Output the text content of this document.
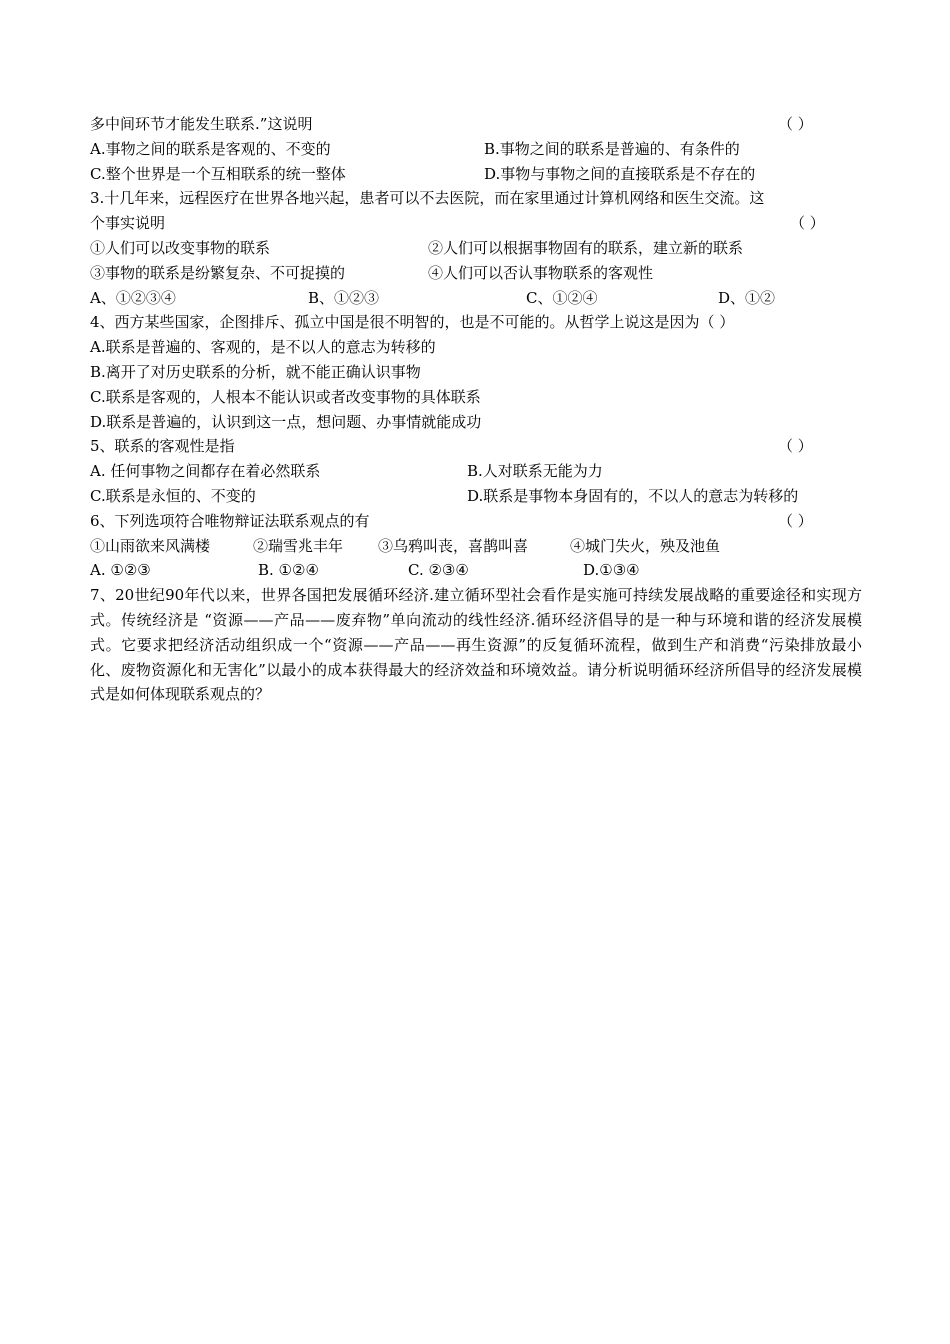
多中间环节才能发生联系.”这说明	（ ）
A.事物之间的联系是客观的、不变的	B.事物之间的联系是普遍的、有条件的
C.整个世界是一个互相联系的统一整体	D.事物与事物之间的直接联系是不存在的
3.十几年来，远程医疗在世界各地兴起，患者可以不去医院，而在家里通过计算机网络和医生交流。这
个事实说明	（ ）
①人们可以改变事物的联系	②人们可以根据事物固有的联系，建立新的联系
③事物的联系是纷繁复杂、不可捉摸的	④人们可以否认事物联系的客观性
A、①②③④	B、①②③	C、①②④	D、①②
4、西方某些国家，企图排斥、孤立中国是很不明智的，也是不可能的。从哲学上说这是因为（ ）
A.联系是普遍的、客观的，是不以人的意志为转移的
B.离开了对历史联系的分析，就不能正确认识事物
C.联系是客观的，人根本不能认识或者改变事物的具体联系
D.联系是普遍的，认识到这一点，想问题、办事情就能成功
5、联系的客观性是指	（ ）
A. 任何事物之间都存在着必然联系	B.人对联系无能为力
C.联系是永恒的、不变的	D.联系是事物本身固有的，不以人的意志为转移的
6、下列选项符合唯物辩证法联系观点的有	（ ）
①山雨欲来风满楼	②瑞雪兆丰年 ③乌鸦叫丧，喜鹊叫喜	④城门失火，殃及池鱼
A. ①②③	B. ①②④	C. ②③④	D.①③④
7、20世纪90年代以来，世界各国把发展循环经济.建立循环型社会看作是实施可持续发展战略的重要途径和实现方式。传统经济是 “资源——产品——废弃物”单向流动的线性经济.循环经济倡导的是一种与环境和谐的经济发展模式。它要求把经济活动组织成一个“资源——产品——再生资源”的反复循环流程，做到生产和消费“污染排放最小化、废物资源化和无害化”以最小的成本获得最大的经济效益和环境效益。请分析说明循环经济所倡导的经济发展模式是如何体现联系观点的？
